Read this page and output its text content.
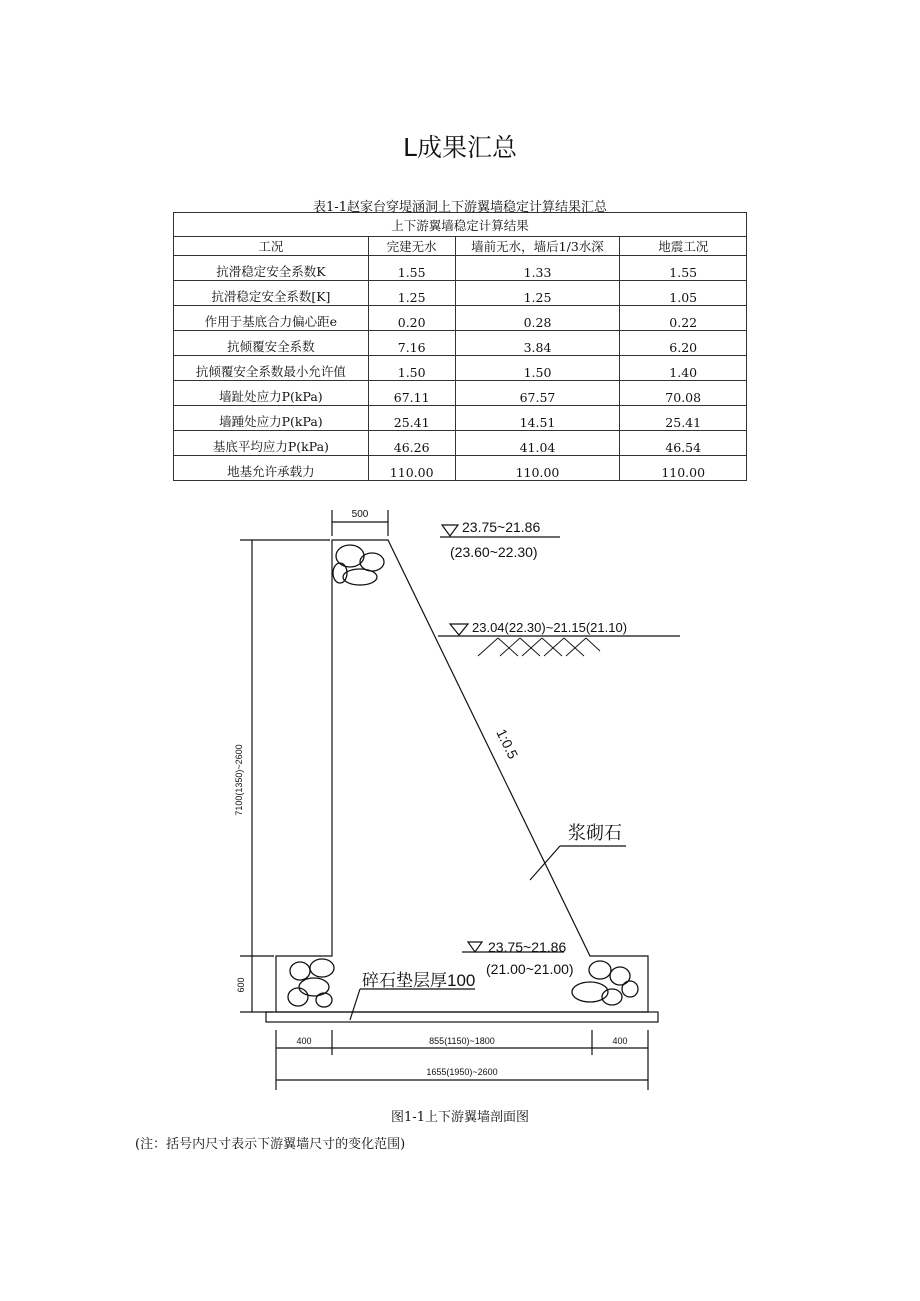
L成果汇总
表1-1赵家台穿堤涵洞上下游翼墙稳定计算结果汇总
上下游翼墙稳定计算结果			
工况	完建无水	墙前无水，墙后1/3水深	地震工况
抗滑稳定安全系数K	1.55	1.33	1.55
抗滑稳定安全系数[K]	1.25	1.25	1.05
作用于基底合力偏心距e	0.20	0.28	0.22
抗倾覆安全系数	7.16	3.84	6.20
抗倾覆安全系数最小允许值	1.50	1.50	1.40
墙趾处应力P(kPa)	67.11	67.57	70.08
墙踵处应力P(kPa)	25.41	14.51	25.41
基底平均应力P(kPa)	46.26	41.04	46.54
地基允许承载力	110.00	110.00	110.00
500
23.75~21.86
(23.60~22.30)
23.04(22.30)~21.15(21.10)
1:0.5
浆砌石
23.75~21.86
(21.00~21.00)
碎石垫层厚100
7100(1350)~2600
600
400	855(1150)~1800	400
1655(1950)~2600
图1-1上下游翼墙剖面图
(注：括号内尺寸表示下游翼墙尺寸的变化范围)
